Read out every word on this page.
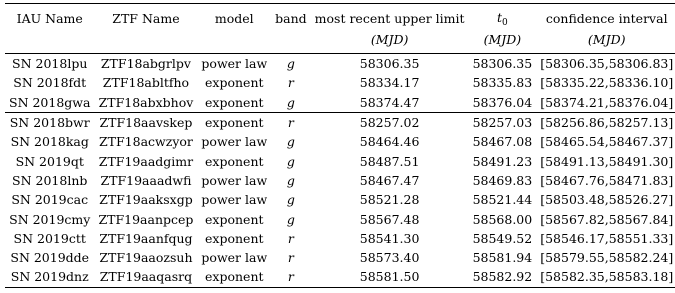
IAU Name	ZTF Name	model	band	most recent upper limit	$t_0$	confidence interval
				(MJD)	(MJD)	(MJD)
SN 2018lpu	ZTF18abgrlpv	power law	g	58306.35	58306.35	[58306.35,58306.83]
SN 2018fdt	ZTF18abltfho	exponent	r	58334.17	58335.83	[58335.22,58336.10]
SN 2018gwa	ZTF18abxbhov	exponent	g	58374.47	58376.04	[58374.21,58376.04]
SN 2018bwr	ZTF18aavskep	exponent	r	58257.02	58257.03	[58256.86,58257.13]
SN 2018kag	ZTF18acwzyor	power law	g	58464.46	58467.08	[58465.54,58467.37]
SN 2019qt	ZTF19aadgimr	exponent	g	58487.51	58491.23	[58491.13,58491.30]
SN 2018lnb	ZTF19aaadwfi	power law	g	58467.47	58469.83	[58467.76,58471.83]
SN 2019cac	ZTF19aaksxgp	power law	g	58521.28	58521.44	[58503.48,58526.27]
SN 2019cmy	ZTF19aanpcep	exponent	g	58567.48	58568.00	[58567.82,58567.84]
SN 2019ctt	ZTF19aanfqug	exponent	r	58541.30	58549.52	[58546.17,58551.33]
SN 2019dde	ZTF19aaozsuh	power law	r	58573.40	58581.94	[58579.55,58582.24]
SN 2019dnz	ZTF19aaqasrq	exponent	r	58581.50	58582.92	[58582.35,58583.18]
